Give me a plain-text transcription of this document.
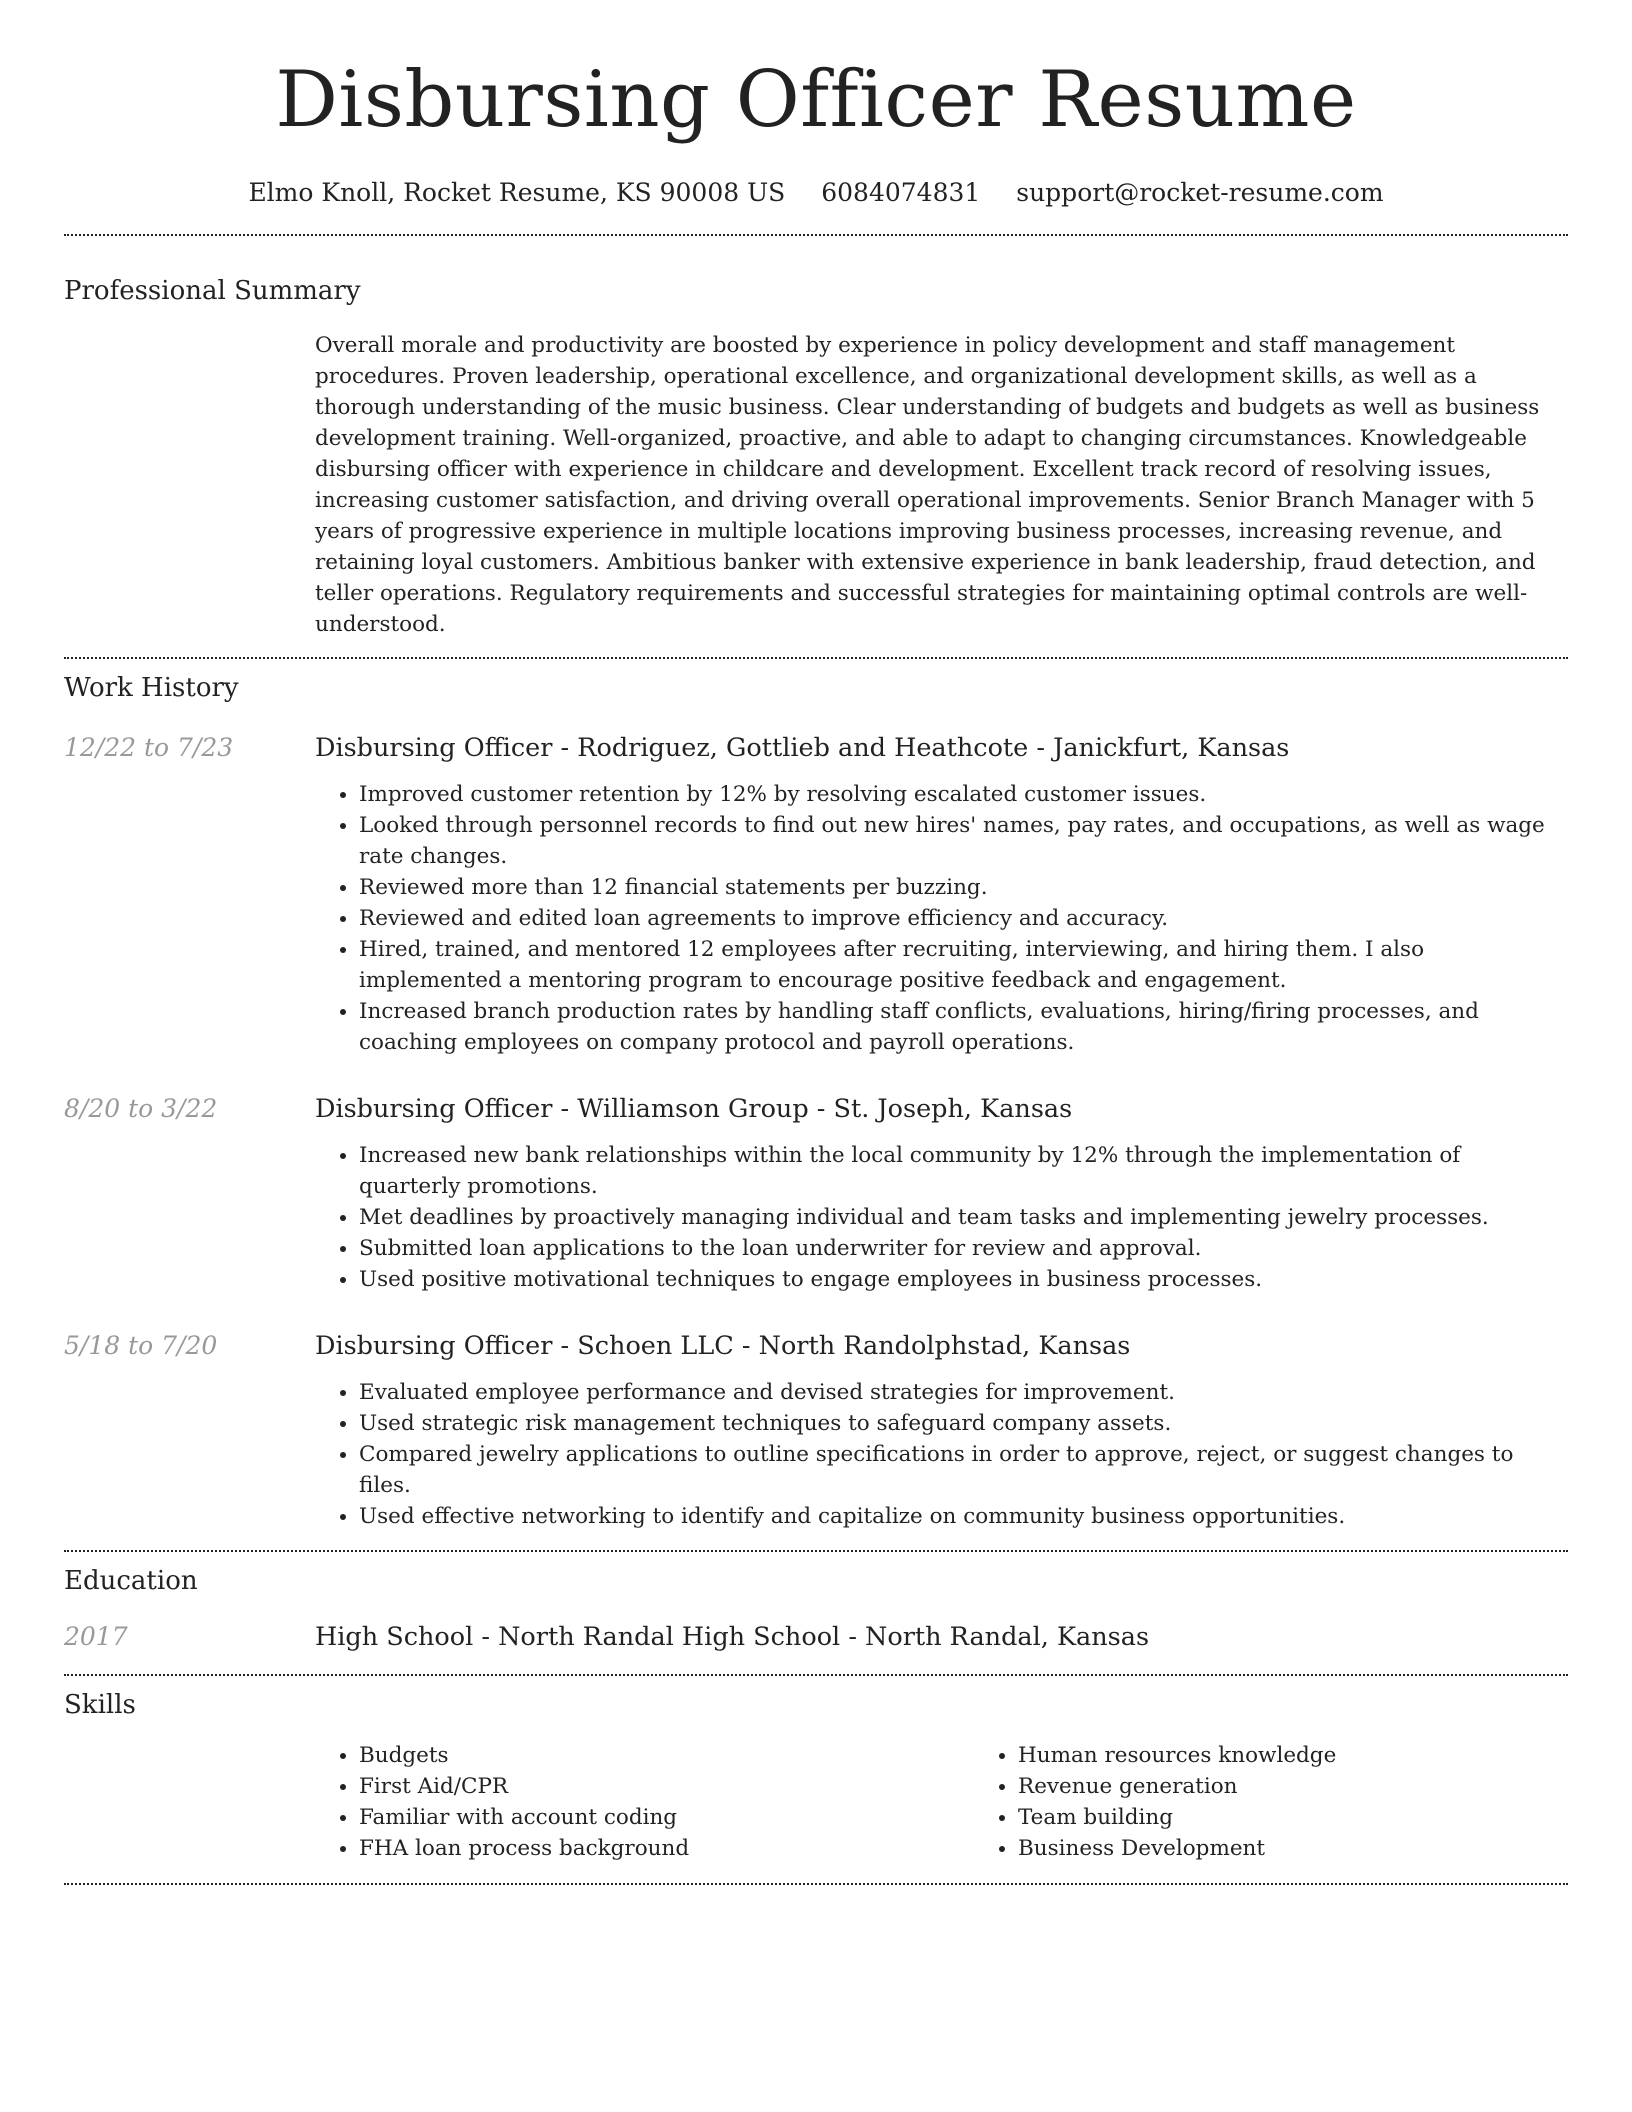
Disbursing Officer Resume
Elmo Knoll, Rocket Resume, KS 90008 US 6084074831 support@rocket-resume.com
Professional Summary

Overall morale and productivity are boosted by experience in policy development and staff management procedures. Proven leadership, operational excellence, and organizational development skills, as well as a thorough understanding of the music business. Clear understanding of budgets and budgets as well as business development training. Well-organized, proactive, and able to adapt to changing circumstances. Knowledgeable disbursing officer with experience in childcare and development. Excellent track record of resolving issues, increasing customer satisfaction, and driving overall operational improvements. Senior Branch Manager with 5 years of progressive experience in multiple locations improving business processes, increasing revenue, and retaining loyal customers. Ambitious banker with extensive experience in bank leadership, fraud detection, and teller operations. Regulatory requirements and successful strategies for maintaining optimal controls are well-understood.

Work History
12/22 to 7/23	Disbursing Officer - Rodriguez, Gottlieb and Heathcote - Janickfurt, Kansas

• Improved customer retention by 12% by resolving escalated customer issues.
• Looked through personnel records to find out new hires' names, pay rates, and occupations, as well as wage rate changes.
• Reviewed more than 12 financial statements per buzzing.
• Reviewed and edited loan agreements to improve efficiency and accuracy.
• Hired, trained, and mentored 12 employees after recruiting, interviewing, and hiring them. I also implemented a mentoring program to encourage positive feedback and engagement.
• Increased branch production rates by handling staff conflicts, evaluations, hiring/firing processes, and coaching employees on company protocol and payroll operations.
8/20 to 3/22	Disbursing Officer - Williamson Group - St. Joseph, Kansas

• Increased new bank relationships within the local community by 12% through the implementation of quarterly promotions.
• Met deadlines by proactively managing individual and team tasks and implementing jewelry processes.
• Submitted loan applications to the loan underwriter for review and approval.
• Used positive motivational techniques to engage employees in business processes.
5/18 to 7/20	Disbursing Officer - Schoen LLC - North Randolphstad, Kansas

• Evaluated employee performance and devised strategies for improvement.
• Used strategic risk management techniques to safeguard company assets.
• Compared jewelry applications to outline specifications in order to approve, reject, or suggest changes to files.
• Used effective networking to identify and capitalize on community business opportunities.
Education
2017	High School - North Randal High School - North Randal, Kansas

Skills
• Budgets
• First Aid/CPR
• Familiar with account coding
• FHA loan process background
• Human resources knowledge
• Revenue generation
• Team building
• Business Development
